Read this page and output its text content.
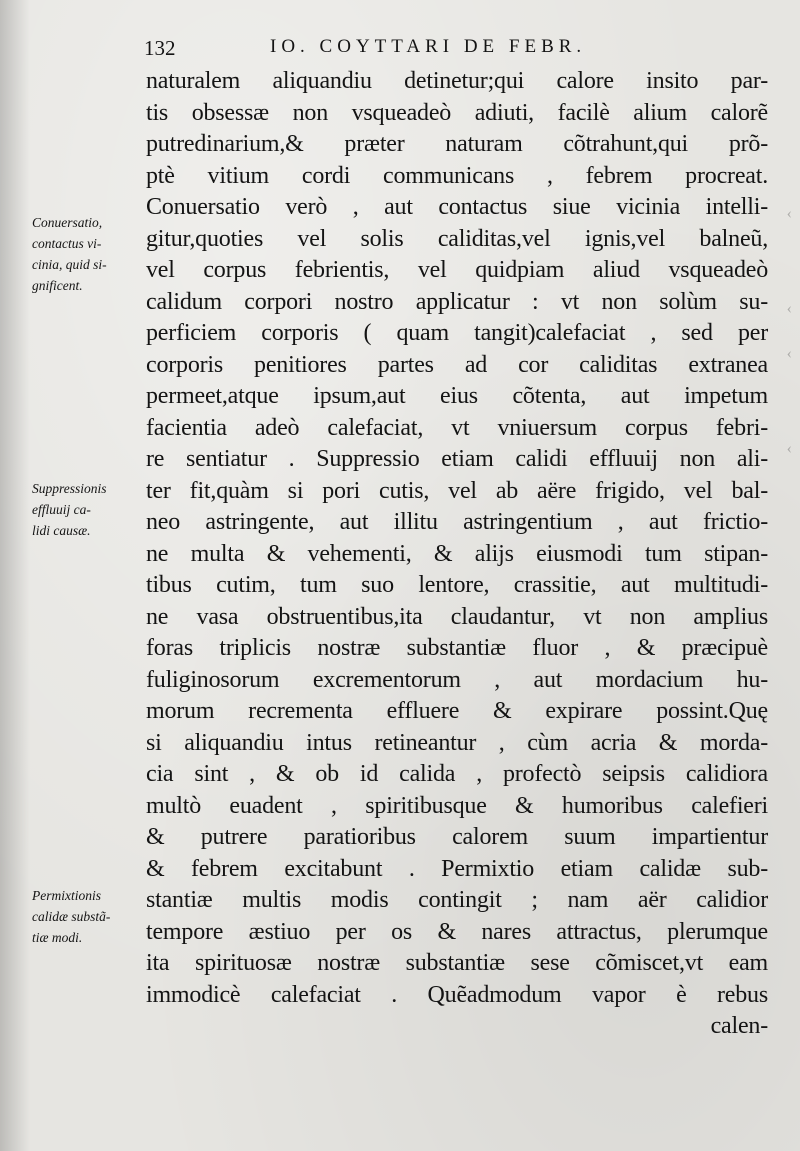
‹
‹
‹
‹
132	IO. COYTTARI DE FEBR.
Conuersatio,
contactus vi-
cinia, quid si-
gnificent.
Suppressionis
effluuij ca-
lidi causæ.
Permixtionis
calidæ substã-
tiæ modi.
naturalem aliquandiu detinetur;qui calore insito par-
tis obsessæ non vsqueadeò adiuti, facilè alium calorẽ
putredinarium,& præter naturam cõtrahunt,qui prõ-
ptè vitium cordi communicans , febrem procreat.
Conuersatio verò , aut contactus siue vicinia intelli-
gitur,quoties vel solis caliditas,vel ignis,vel balneũ,
vel corpus febrientis, vel quidpiam aliud vsqueadeò
calidum corpori nostro applicatur : vt non solùm su-
perficiem corporis ( quam tangit)calefaciat , sed per
corporis penitiores partes ad cor caliditas extranea
permeet,atque ipsum,aut eius cõtenta, aut impetum
facientia adeò calefaciat, vt vniuersum corpus febri-
re sentiatur . Suppressio etiam calidi effluuij non ali-
ter fit,quàm si pori cutis, vel ab aëre frigido, vel bal-
neo astringente, aut illitu astringentium , aut frictio-
ne multa & vehementi, & alijs eiusmodi tum stipan-
tibus cutim, tum suo lentore, crassitie, aut multitudi-
ne vasa obstruentibus,ita claudantur, vt non amplius
foras triplicis nostræ substantiæ fluor , & præcipuè
fuliginosorum excrementorum , aut mordacium hu-
morum recrementa effluere & expirare possint.Quę
si aliquandiu intus retineantur , cùm acria & morda-
cia sint , & ob id calida , profectò seipsis calidiora
multò euadent , spiritibusque & humoribus calefieri
& putrere paratioribus calorem suum impartientur
& febrem excitabunt . Permixtio etiam calidæ sub-
stantiæ multis modis contingit ; nam aër calidior
tempore æstiuo per os & nares attractus, plerumque
ita spirituosæ nostræ substantiæ sese cõmiscet,vt eam
immodicè calefaciat . Quẽadmodum vapor è rebus
calen-
